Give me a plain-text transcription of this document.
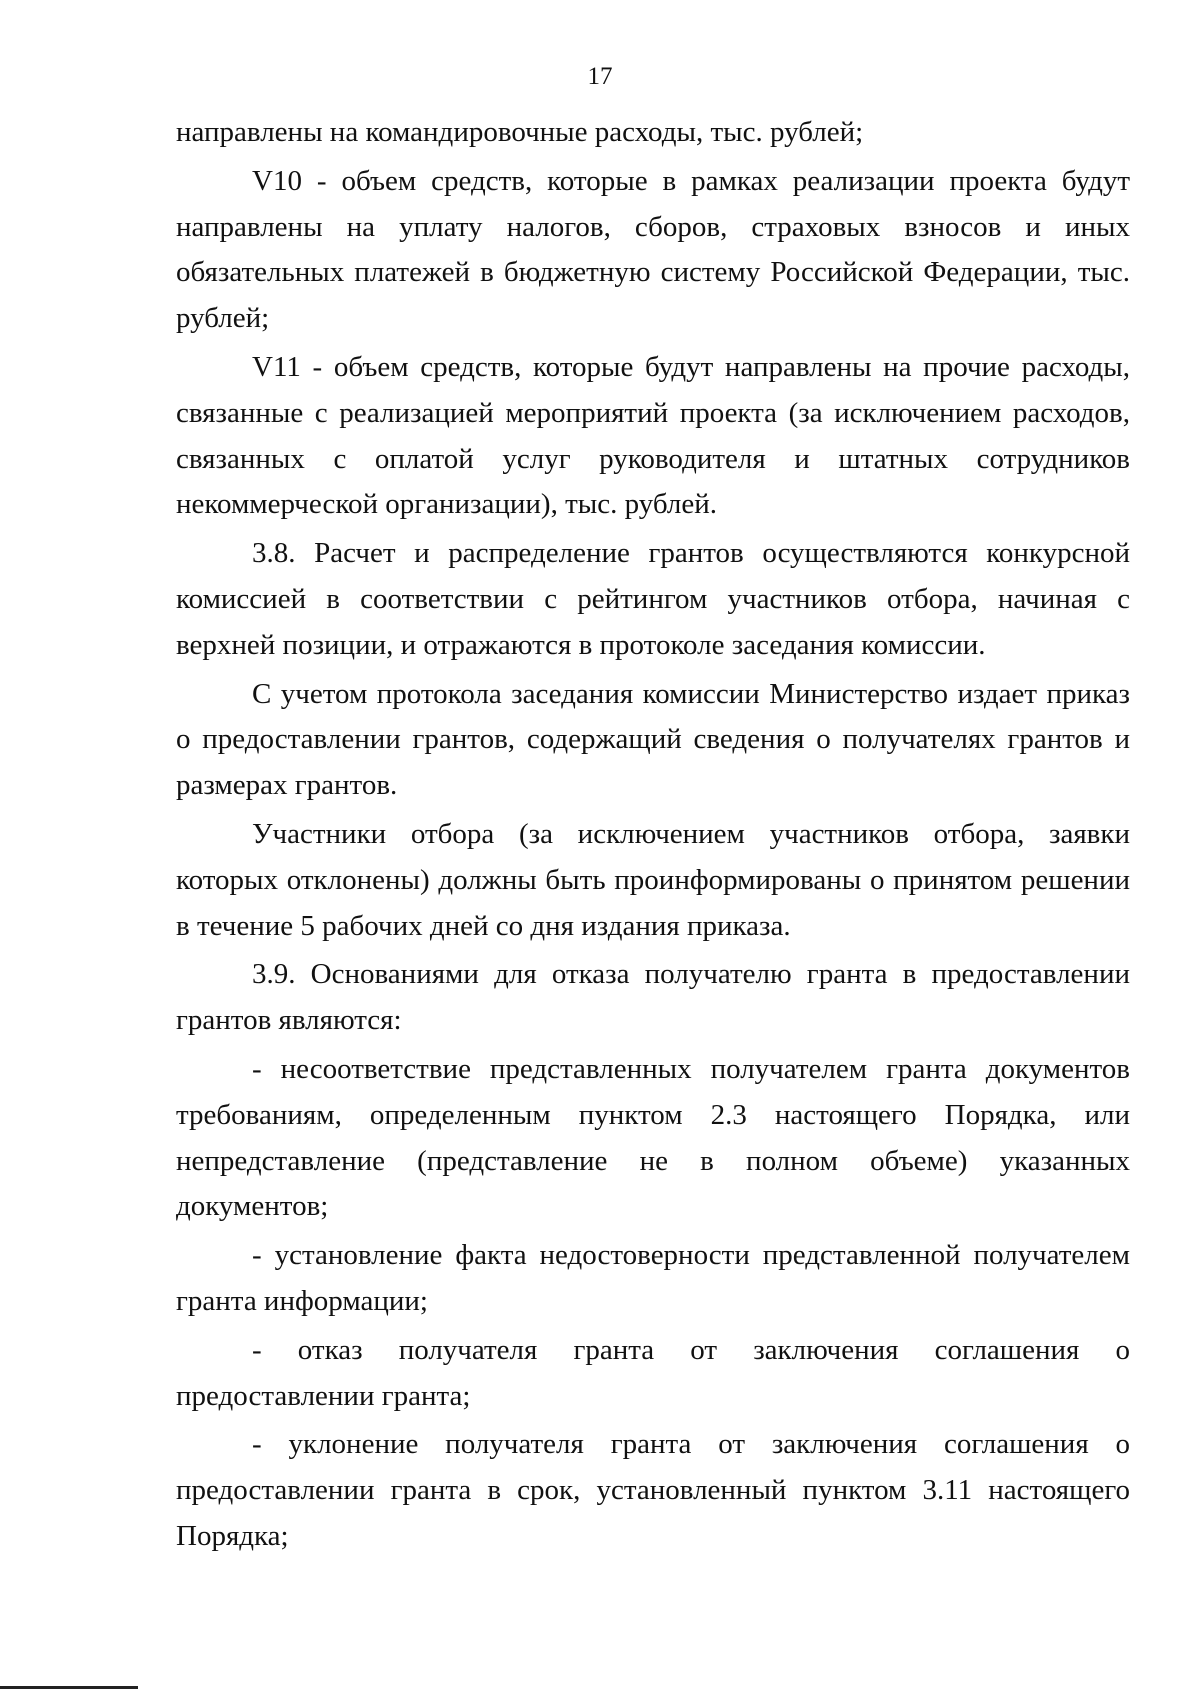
17

направлены на командировочные расходы, тыс. рублей;

V10 - объем средств, которые в рамках реализации проекта будут направлены на уплату налогов, сборов, страховых взносов и иных обязательных платежей в бюджетную систему Российской Федерации, тыс. рублей;

V11 - объем средств, которые будут направлены на прочие расходы, связанные с реализацией мероприятий проекта (за исключением расходов, связанных с оплатой услуг руководителя и штатных сотрудников некоммерческой организации), тыс. рублей.

3.8. Расчет и распределение грантов осуществляются конкурсной комиссией в соответствии с рейтингом участников отбора, начиная с верхней позиции, и отражаются в протоколе заседания комиссии.

С учетом протокола заседания комиссии Министерство издает приказ о предоставлении грантов, содержащий сведения о получателях грантов и размерах грантов.

Участники отбора (за исключением участников отбора, заявки которых отклонены) должны быть проинформированы о принятом решении в течение 5 рабочих дней со дня издания приказа.

3.9. Основаниями для отказа получателю гранта в предоставлении грантов являются:

- несоответствие представленных получателем гранта документов требованиям, определенным пунктом 2.3 настоящего Порядка, или непредставление (представление не в полном объеме) указанных документов;

- установление факта недостоверности представленной получателем гранта информации;

- отказ получателя гранта от заключения соглашения о предоставлении гранта;

- уклонение получателя гранта от заключения соглашения о предоставлении гранта в срок, установленный пунктом 3.11 настоящего Порядка;
